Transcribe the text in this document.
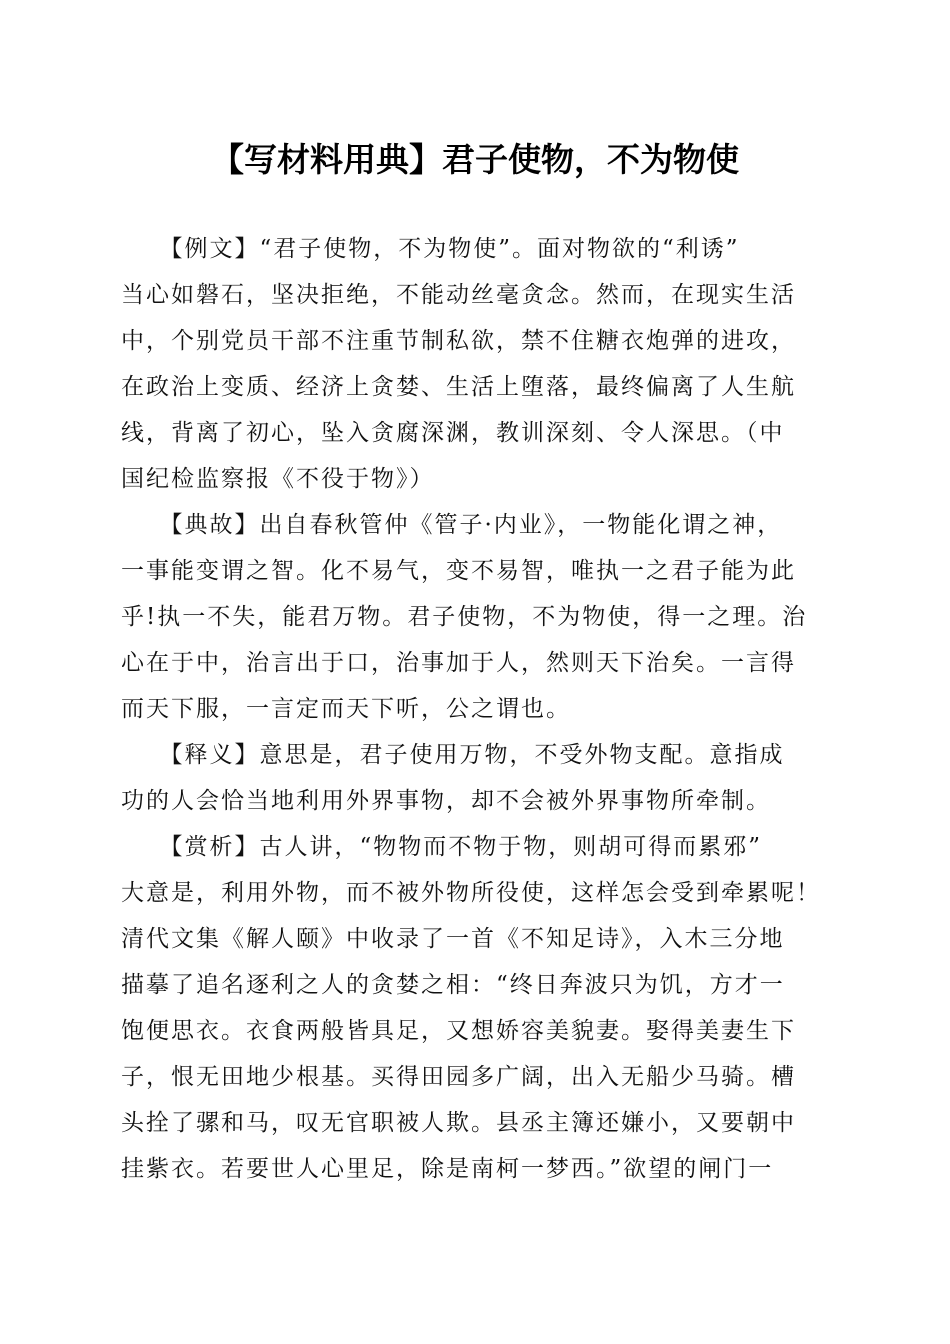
【写材料用典】君子使物，不为物使
　　【例文】“君子使物，不为物使”。面对物欲的“利诱”
当心如磐石，坚决拒绝，不能动丝毫贪念。然而，在现实生活
中，个别党员干部不注重节制私欲，禁不住糖衣炮弹的进攻，
在政治上变质、经济上贪婪、生活上堕落，最终偏离了人生航
线，背离了初心，坠入贪腐深渊，教训深刻、令人深思。（中
国纪检监察报《不役于物》）
　　【典故】出自春秋管仲《管子·内业》，一物能化谓之神，
一事能变谓之智。化不易气，变不易智，唯执一之君子能为此
乎!执一不失，能君万物。君子使物，不为物使，得一之理。治
心在于中，治言出于口，治事加于人，然则天下治矣。一言得
而天下服，一言定而天下听，公之谓也。
　　【释义】意思是，君子使用万物，不受外物支配。意指成
功的人会恰当地利用外界事物，却不会被外界事物所牵制。
　　【赏析】古人讲，“物物而不物于物，则胡可得而累邪”
大意是，利用外物，而不被外物所役使，这样怎会受到牵累呢！
清代文集《解人颐》中收录了一首《不知足诗》，入木三分地
描摹了追名逐利之人的贪婪之相：“终日奔波只为饥，方才一
饱便思衣。衣食两般皆具足，又想娇容美貌妻。娶得美妻生下
子，恨无田地少根基。买得田园多广阔，出入无船少马骑。槽
头拴了骡和马，叹无官职被人欺。县丞主簿还嫌小，又要朝中
挂紫衣。若要世人心里足，除是南柯一梦西。”欲望的闸门一
